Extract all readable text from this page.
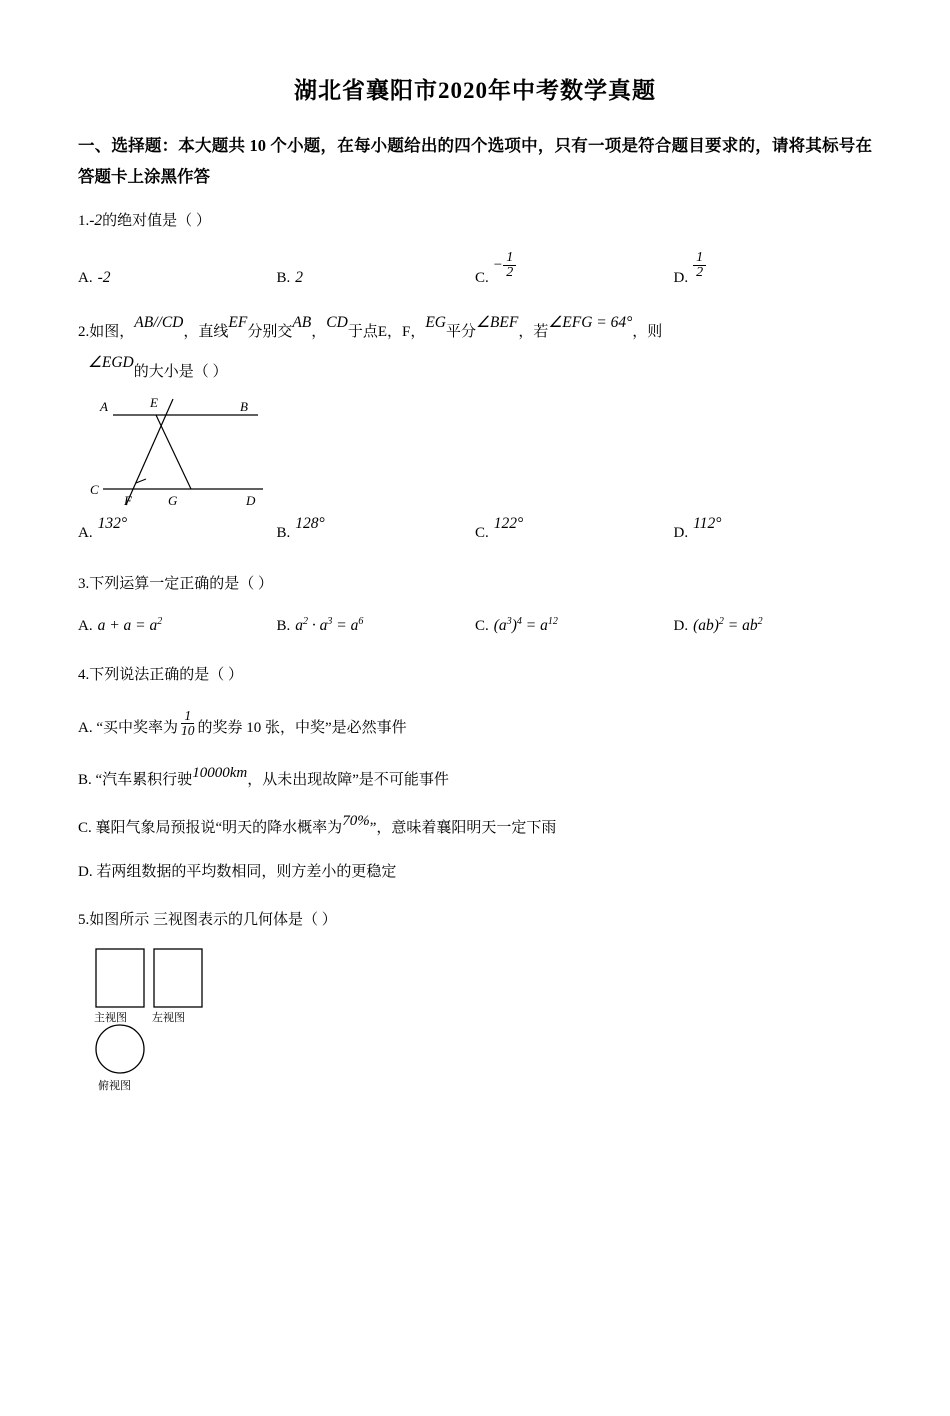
湖北省襄阳市2020年中考数学真题
一、选择题：本大题共 10 个小题，在每小题给出的四个选项中，只有一项是符合题目要求的，请将其标号在答题卡上涂黑作答
1.-2的绝对值是（ ）
A. -2	B. 2	C.
− $\frac{1}{2}$	D. $\frac{1}{2}$
2.如图，AB//CD，直线EF分别交AB，CD于点E，F，EG平分∠BEF，若∠EFG = 64°，则
∠EGD的大小是（ ）
A	E	B
C
F	G	D
A.
132°
B.
128°
C.
122°
D.
112°
3.下列运算一定正确的是（ ）
A. $a + a = a^2$	B. $a^2 \cdot a^3 = a^6$	C. $(a^3)^4 = a^{12}$	D. $(ab)^2 = ab^2$
4.下列说法正确的是（ ）
A. “买中奖率为 $\frac{1}{10}$ 的奖券 10 张，中奖”是必然事件
B. “汽车累积行驶10000km，从未出现故障”是不可能事件
C. 襄阳气象局预报说“明天的降水概率为70%”，意味着襄阳明天一定下雨
D. 若两组数据的平均数相同，则方差小的更稳定
5.如图所示 三视图表示的几何体是（ ）
主视图 左视图
俯视图
